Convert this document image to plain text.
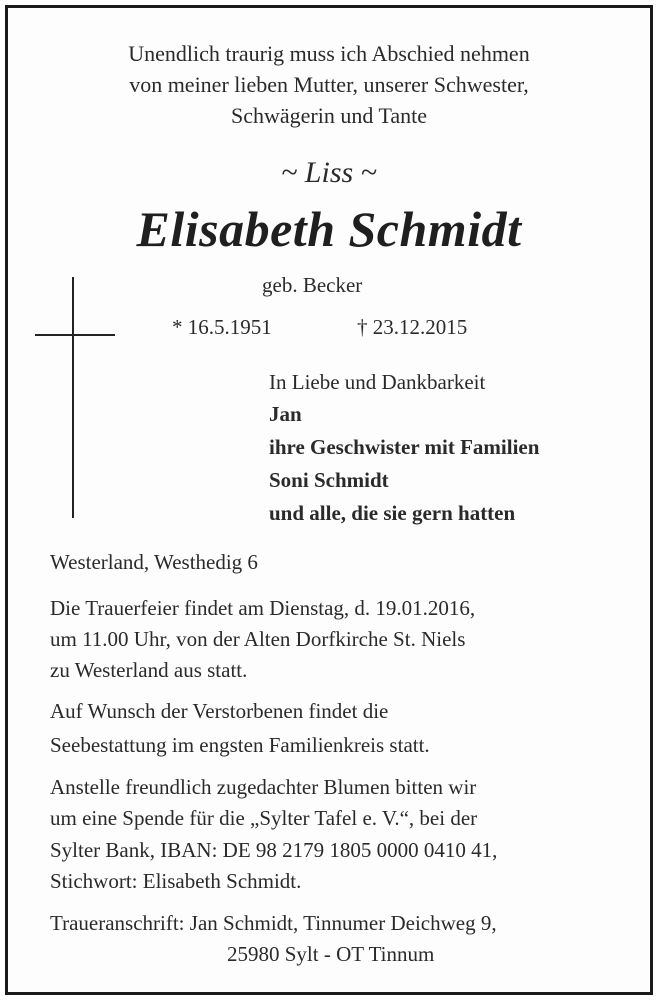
Unendlich traurig muss ich Abschied nehmen
von meiner lieben Mutter, unserer Schwester,
Schwägerin und Tante
~ Liss ~
Elisabeth Schmidt
geb. Becker
* 16.5.1951	† 23.12.2015
In Liebe und Dankbarkeit
Jan
ihre Geschwister mit Familien
Soni Schmidt
und alle, die sie gern hatten
Westerland, Westhedig 6
Die Trauerfeier findet am Dienstag, d. 19.01.2016,
um 11.00 Uhr, von der Alten Dorfkirche St. Niels
zu Westerland aus statt.
Auf Wunsch der Verstorbenen findet die
Seebestattung im engsten Familienkreis statt.
Anstelle freundlich zugedachter Blumen bitten wir
um eine Spende für die „Sylter Tafel e. V.“, bei der
Sylter Bank, IBAN: DE 98 2179 1805 0000 0410 41,
Stichwort: Elisabeth Schmidt.
Traueranschrift: Jan Schmidt, Tinnumer Deichweg 9,
25980 Sylt - OT Tinnum
